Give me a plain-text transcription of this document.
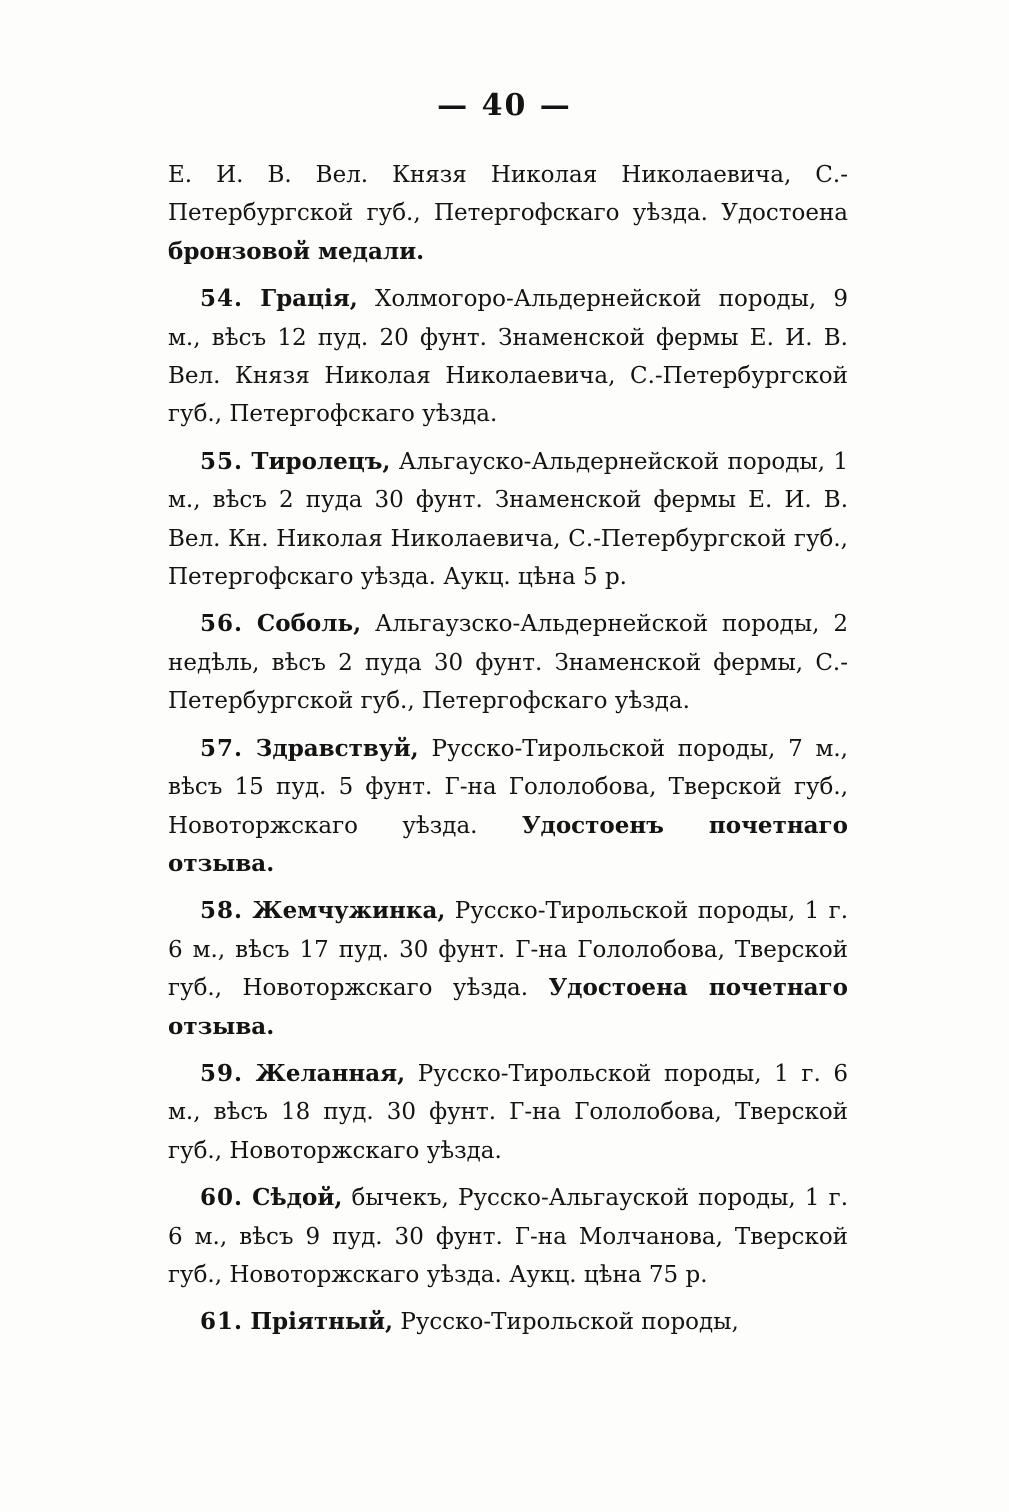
— 40 —

Е. И. В. Вел. Князя Николая Николаевича, С.-Петербургской губ., Петергофскаго уѣзда. Удостоена бронзовой медали.

54. Грація, Холмогоро-Альдернейской породы, 9 м., вѣсъ 12 пуд. 20 фунт. Знаменской фермы Е. И. В. Вел. Князя Николая Николаевича, С.-Петербургской губ., Петергофскаго уѣзда.

55. Тиролецъ, Альгауско-Альдернейской породы, 1 м., вѣсъ 2 пуда 30 фунт. Знаменской фермы Е. И. В. Вел. Кн. Николая Николаевича, С.-Петербургской губ., Петергофскаго уѣзда. Аукц. цѣна 5 р.

56. Соболь, Альгаузско-Альдернейской породы, 2 недѣль, вѣсъ 2 пуда 30 фунт. Знаменской фермы, С.-Петербургской губ., Петергофскаго уѣзда.

57. Здравствуй, Русско-Тирольской породы, 7 м., вѣсъ 15 пуд. 5 фунт. Г-на Гололобова, Тверской губ., Новоторжскаго уѣзда. Удостоенъ почетнаго отзыва.

58. Жемчужинка, Русско-Тирольской породы, 1 г. 6 м., вѣсъ 17 пуд. 30 фунт. Г-на Гололобова, Тверской губ., Новоторжскаго уѣзда. Удостоена почетнаго отзыва.

59. Желанная, Русско-Тирольской породы, 1 г. 6 м., вѣсъ 18 пуд. 30 фунт. Г-на Гололобова, Тверской губ., Новоторжскаго уѣзда.

60. Сѣдой, бычекъ, Русско-Альгауской породы, 1 г. 6 м., вѣсъ 9 пуд. 30 фунт. Г-на Молчанова, Тверской губ., Новоторжскаго уѣзда. Аукц. цѣна 75 р.

61. Пріятный, Русско-Тирольской породы,
